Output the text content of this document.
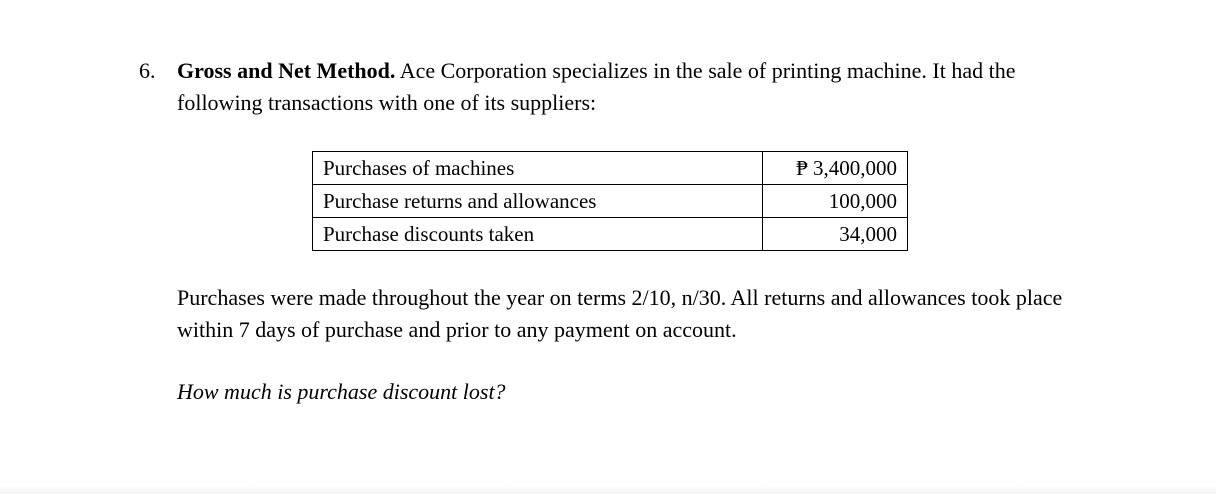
6. Gross and Net Method. Ace Corporation specializes in the sale of printing machine. It had the following transactions with one of its suppliers:
Purchases of machines	₱ 3,400,000
Purchase returns and allowances	100,000
Purchase discounts taken	34,000
Purchases were made throughout the year on terms 2/10, n/30. All returns and allowances took place within 7 days of purchase and prior to any payment on account.
How much is purchase discount lost?
